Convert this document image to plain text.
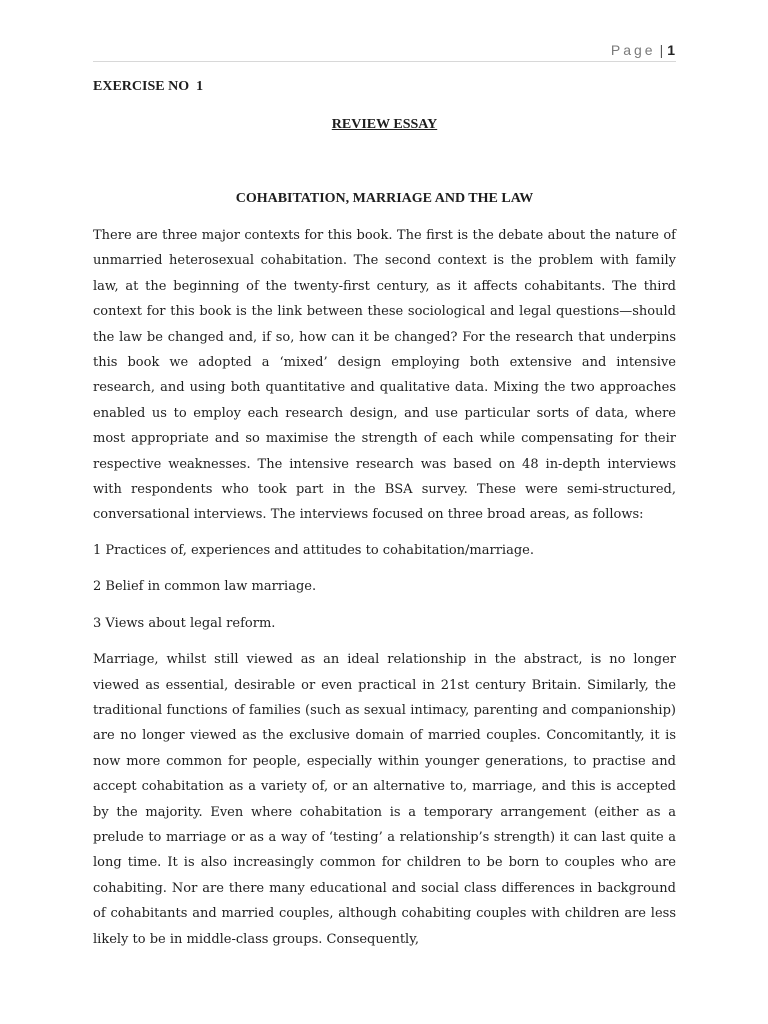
Page | 1
EXERCISE NO  1
REVIEW ESSAY
COHABITATION, MARRIAGE AND THE LAW

There are three major contexts for this book. The first is the debate about the nature of unmarried heterosexual cohabitation. The second context is the problem with family law, at the beginning of the twenty-first century, as it affects cohabitants. The third context for this book is the link between these sociological and legal questions—should the law be changed and, if so, how can it be changed? For the research that underpins this book we adopted a ‘mixed’ design employing both extensive and intensive research, and using both quantitative and qualitative data. Mixing the two approaches enabled us to employ each research design, and use particular sorts of data, where most appropriate and so maximise the strength of each while compensating for their respective weaknesses. The intensive research was based on 48 in-depth interviews with respondents who took part in the BSA survey. These were semi-structured, conversational interviews. The interviews focused on three broad areas, as follows:

1 Practices of, experiences and attitudes to cohabitation/marriage.

2 Belief in common law marriage.

3 Views about legal reform.

Marriage, whilst still viewed as an ideal relationship in the abstract, is no longer viewed as essential, desirable or even practical in 21st century Britain. Similarly, the traditional functions of families (such as sexual intimacy, parenting and companionship) are no longer viewed as the exclusive domain of married couples. Concomitantly, it is now more common for people, especially within younger generations, to practise and accept cohabitation as a variety of, or an alternative to, marriage, and this is accepted by the majority. Even where cohabitation is a temporary arrangement (either as a prelude to marriage or as a way of ‘testing’ a relationship’s strength) it can last quite a long time. It is also increasingly common for children to be born to couples who are cohabiting. Nor are there many educational and social class differences in background of cohabitants and married couples, although cohabiting couples with children are less likely to be in middle-class groups. Consequently,
